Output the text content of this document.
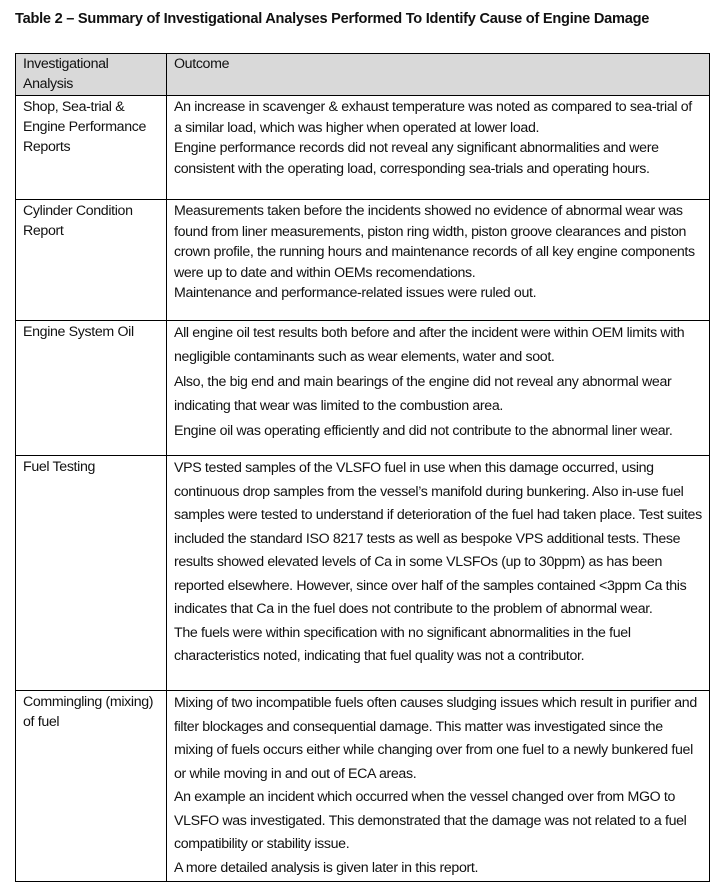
Table 2 – Summary of Investigational Analyses Performed To Identify Cause of Engine Damage
Investigational Analysis	Outcome
Shop, Sea-trial & Engine Performance Reports	An increase in scavenger & exhaust temperature was noted as compared to sea-trial of a similar load, which was higher when operated at lower load.

Engine performance records did not reveal any significant abnormalities and were consistent with the operating load, corresponding sea-trials and operating hours.

Cylinder Condition Report	Measurements taken before the incidents showed no evidence of abnormal wear was found from liner measurements, piston ring width, piston groove clearances and piston crown profile, the running hours and maintenance records of all key engine components were up to date and within OEMs recomendations.

Maintenance and performance-related issues were ruled out.

Engine System Oil	All engine oil test results both before and after the incident were within OEM limits with negligible contaminants such as wear elements, water and soot.

Also, the big end and main bearings of the engine did not reveal any abnormal wear indicating that wear was limited to the combustion area.

Engine oil was operating efficiently and did not contribute to the abnormal liner wear.

Fuel Testing	VPS tested samples of the VLSFO fuel in use when this damage occurred, using continuous drop samples from the vessel’s manifold during bunkering. Also in-use fuel samples were tested to understand if deterioration of the fuel had taken place. Test suites included the standard ISO 8217 tests as well as bespoke VPS additional tests. These results showed elevated levels of Ca in some VLSFOs (up to 30ppm) as has been reported elsewhere. However, since over half of the samples contained <3ppm Ca this indicates that Ca in the fuel does not contribute to the problem of abnormal wear.

The fuels were within specification with no significant abnormalities in the fuel characteristics noted, indicating that fuel quality was not a contributor.

Commingling (mixing) of fuel	Mixing of two incompatible fuels often causes sludging issues which result in purifier and filter blockages and consequential damage. This matter was investigated since the mixing of fuels occurs either while changing over from one fuel to a newly bunkered fuel or while moving in and out of ECA areas.

An example an incident which occurred when the vessel changed over from MGO to VLSFO was investigated. This demonstrated that the damage was not related to a fuel compatibility or stability issue.

A more detailed analysis is given later in this report.
